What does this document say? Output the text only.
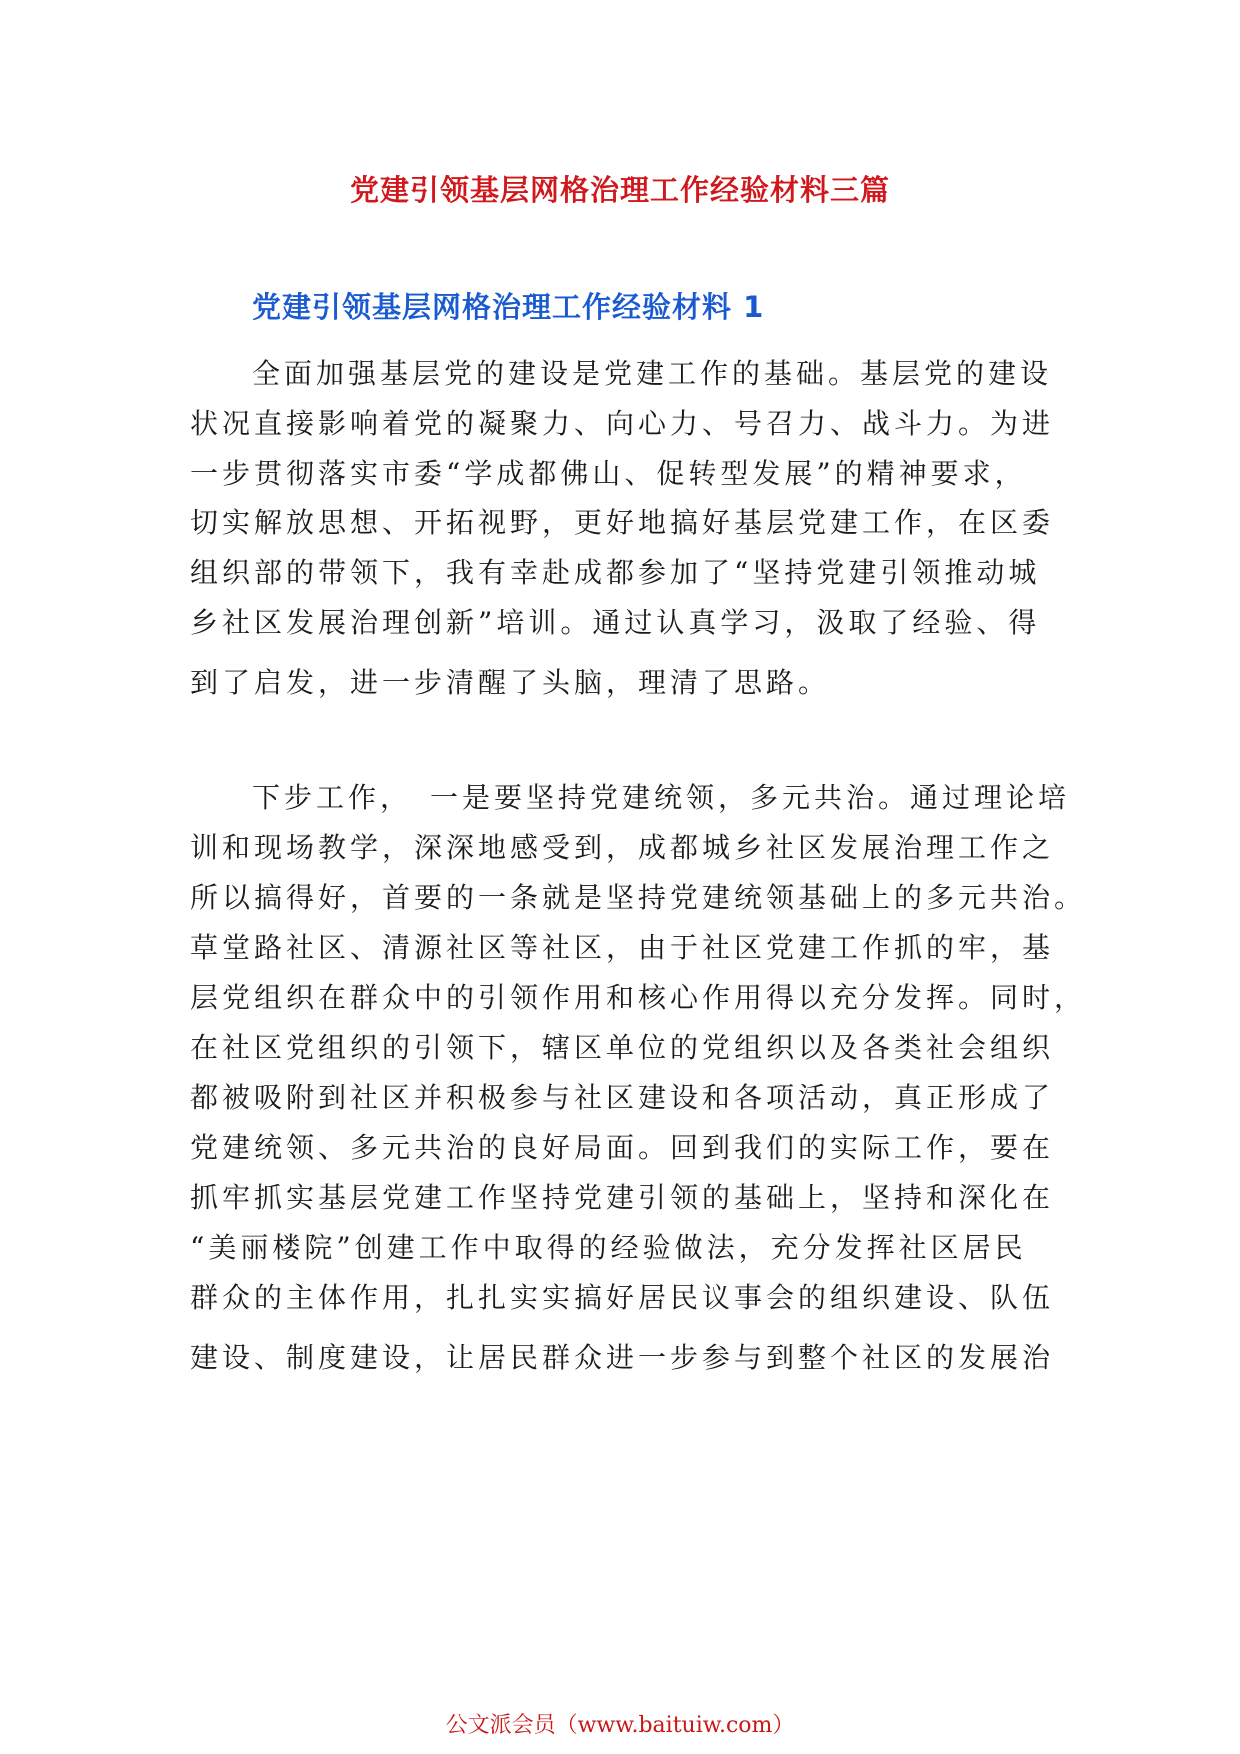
党建引领基层网格治理工作经验材料三篇
党建引领基层网格治理工作经验材料 1
全面加强基层党的建设是党建工作的基础。基层党的建设
状况直接影响着党的凝聚力、向心力、号召力、战斗力。为进
一步贯彻落实市委“学成都佛山、促转型发展”的精神要求，
切实解放思想、开拓视野，更好地搞好基层党建工作，在区委
组织部的带领下，我有幸赴成都参加了“坚持党建引领推动城
乡社区发展治理创新”培训。通过认真学习，汲取了经验、得
到了启发，进一步清醒了头脑，理清了思路。
下步工作，　一是要坚持党建统领，多元共治。通过理论培
训和现场教学，深深地感受到，成都城乡社区发展治理工作之
所以搞得好，首要的一条就是坚持党建统领基础上的多元共治。
草堂路社区、清源社区等社区，由于社区党建工作抓的牢，基
层党组织在群众中的引领作用和核心作用得以充分发挥。同时，
在社区党组织的引领下，辖区单位的党组织以及各类社会组织
都被吸附到社区并积极参与社区建设和各项活动，真正形成了
党建统领、多元共治的良好局面。回到我们的实际工作，要在
抓牢抓实基层党建工作坚持党建引领的基础上，坚持和深化在
“美丽楼院”创建工作中取得的经验做法，充分发挥社区居民
群众的主体作用，扎扎实实搞好居民议事会的组织建设、队伍
建设、制度建设，让居民群众进一步参与到整个社区的发展治
公文派会员（www.baituiw.com）
